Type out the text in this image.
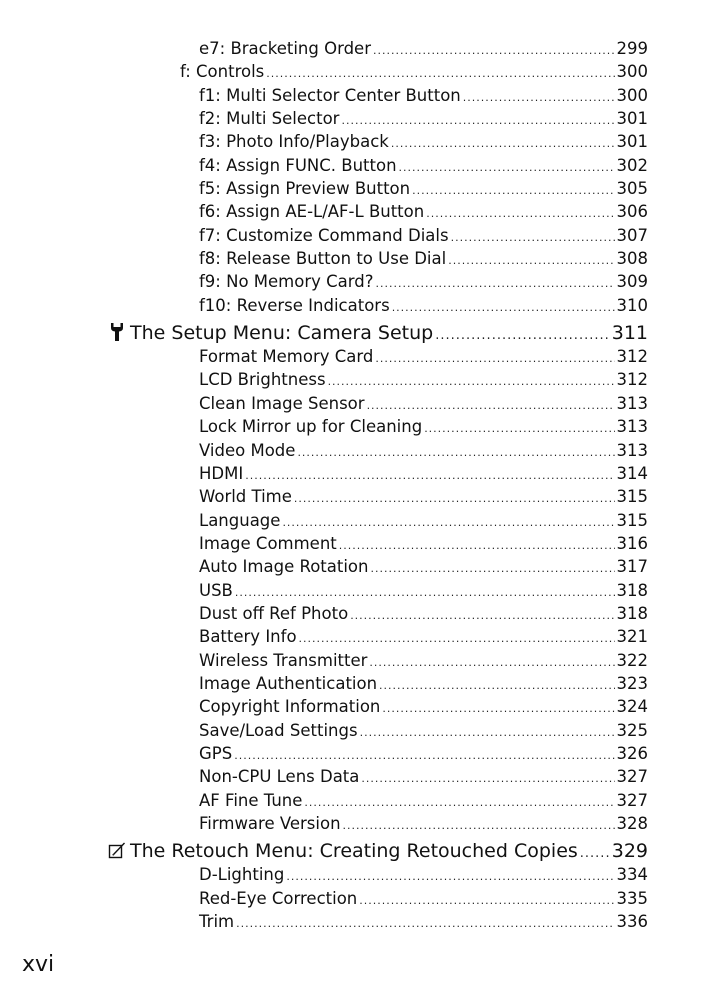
e7: Bracketing Order .....	299
f: Controls .....	300
f1: Multi Selector Center Button .....	300
f2: Multi Selector .....	301
f3: Photo Info/Playback .....	301
f4: Assign FUNC. Button .....	302
f5: Assign Preview Button .....	305
f6: Assign AE-L/AF-L Button .....	306
f7: Customize Command Dials .....	307
f8: Release Button to Use Dial .....	308
f9: No Memory Card? .....	309
f10: Reverse Indicators .....	310
The Setup Menu: Camera Setup .....	311
Format Memory Card .....	312
LCD Brightness .....	312
Clean Image Sensor .....	313
Lock Mirror up for Cleaning .....	313
Video Mode .....	313
HDMI .....	314
World Time .....	315
Language .....	315
Image Comment .....	316
Auto Image Rotation .....	317
USB .....	318
Dust off Ref Photo .....	318
Battery Info .....	321
Wireless Transmitter .....	322
Image Authentication .....	323
Copyright Information .....	324
Save/Load Settings .....	325
GPS .....	326
Non-CPU Lens Data .....	327
AF Fine Tune .....	327
Firmware Version .....	328
The Retouch Menu: Creating Retouched Copies ..... 329
D-Lighting .....	334
Red-Eye Correction .....	335
Trim .....	336
xvi
